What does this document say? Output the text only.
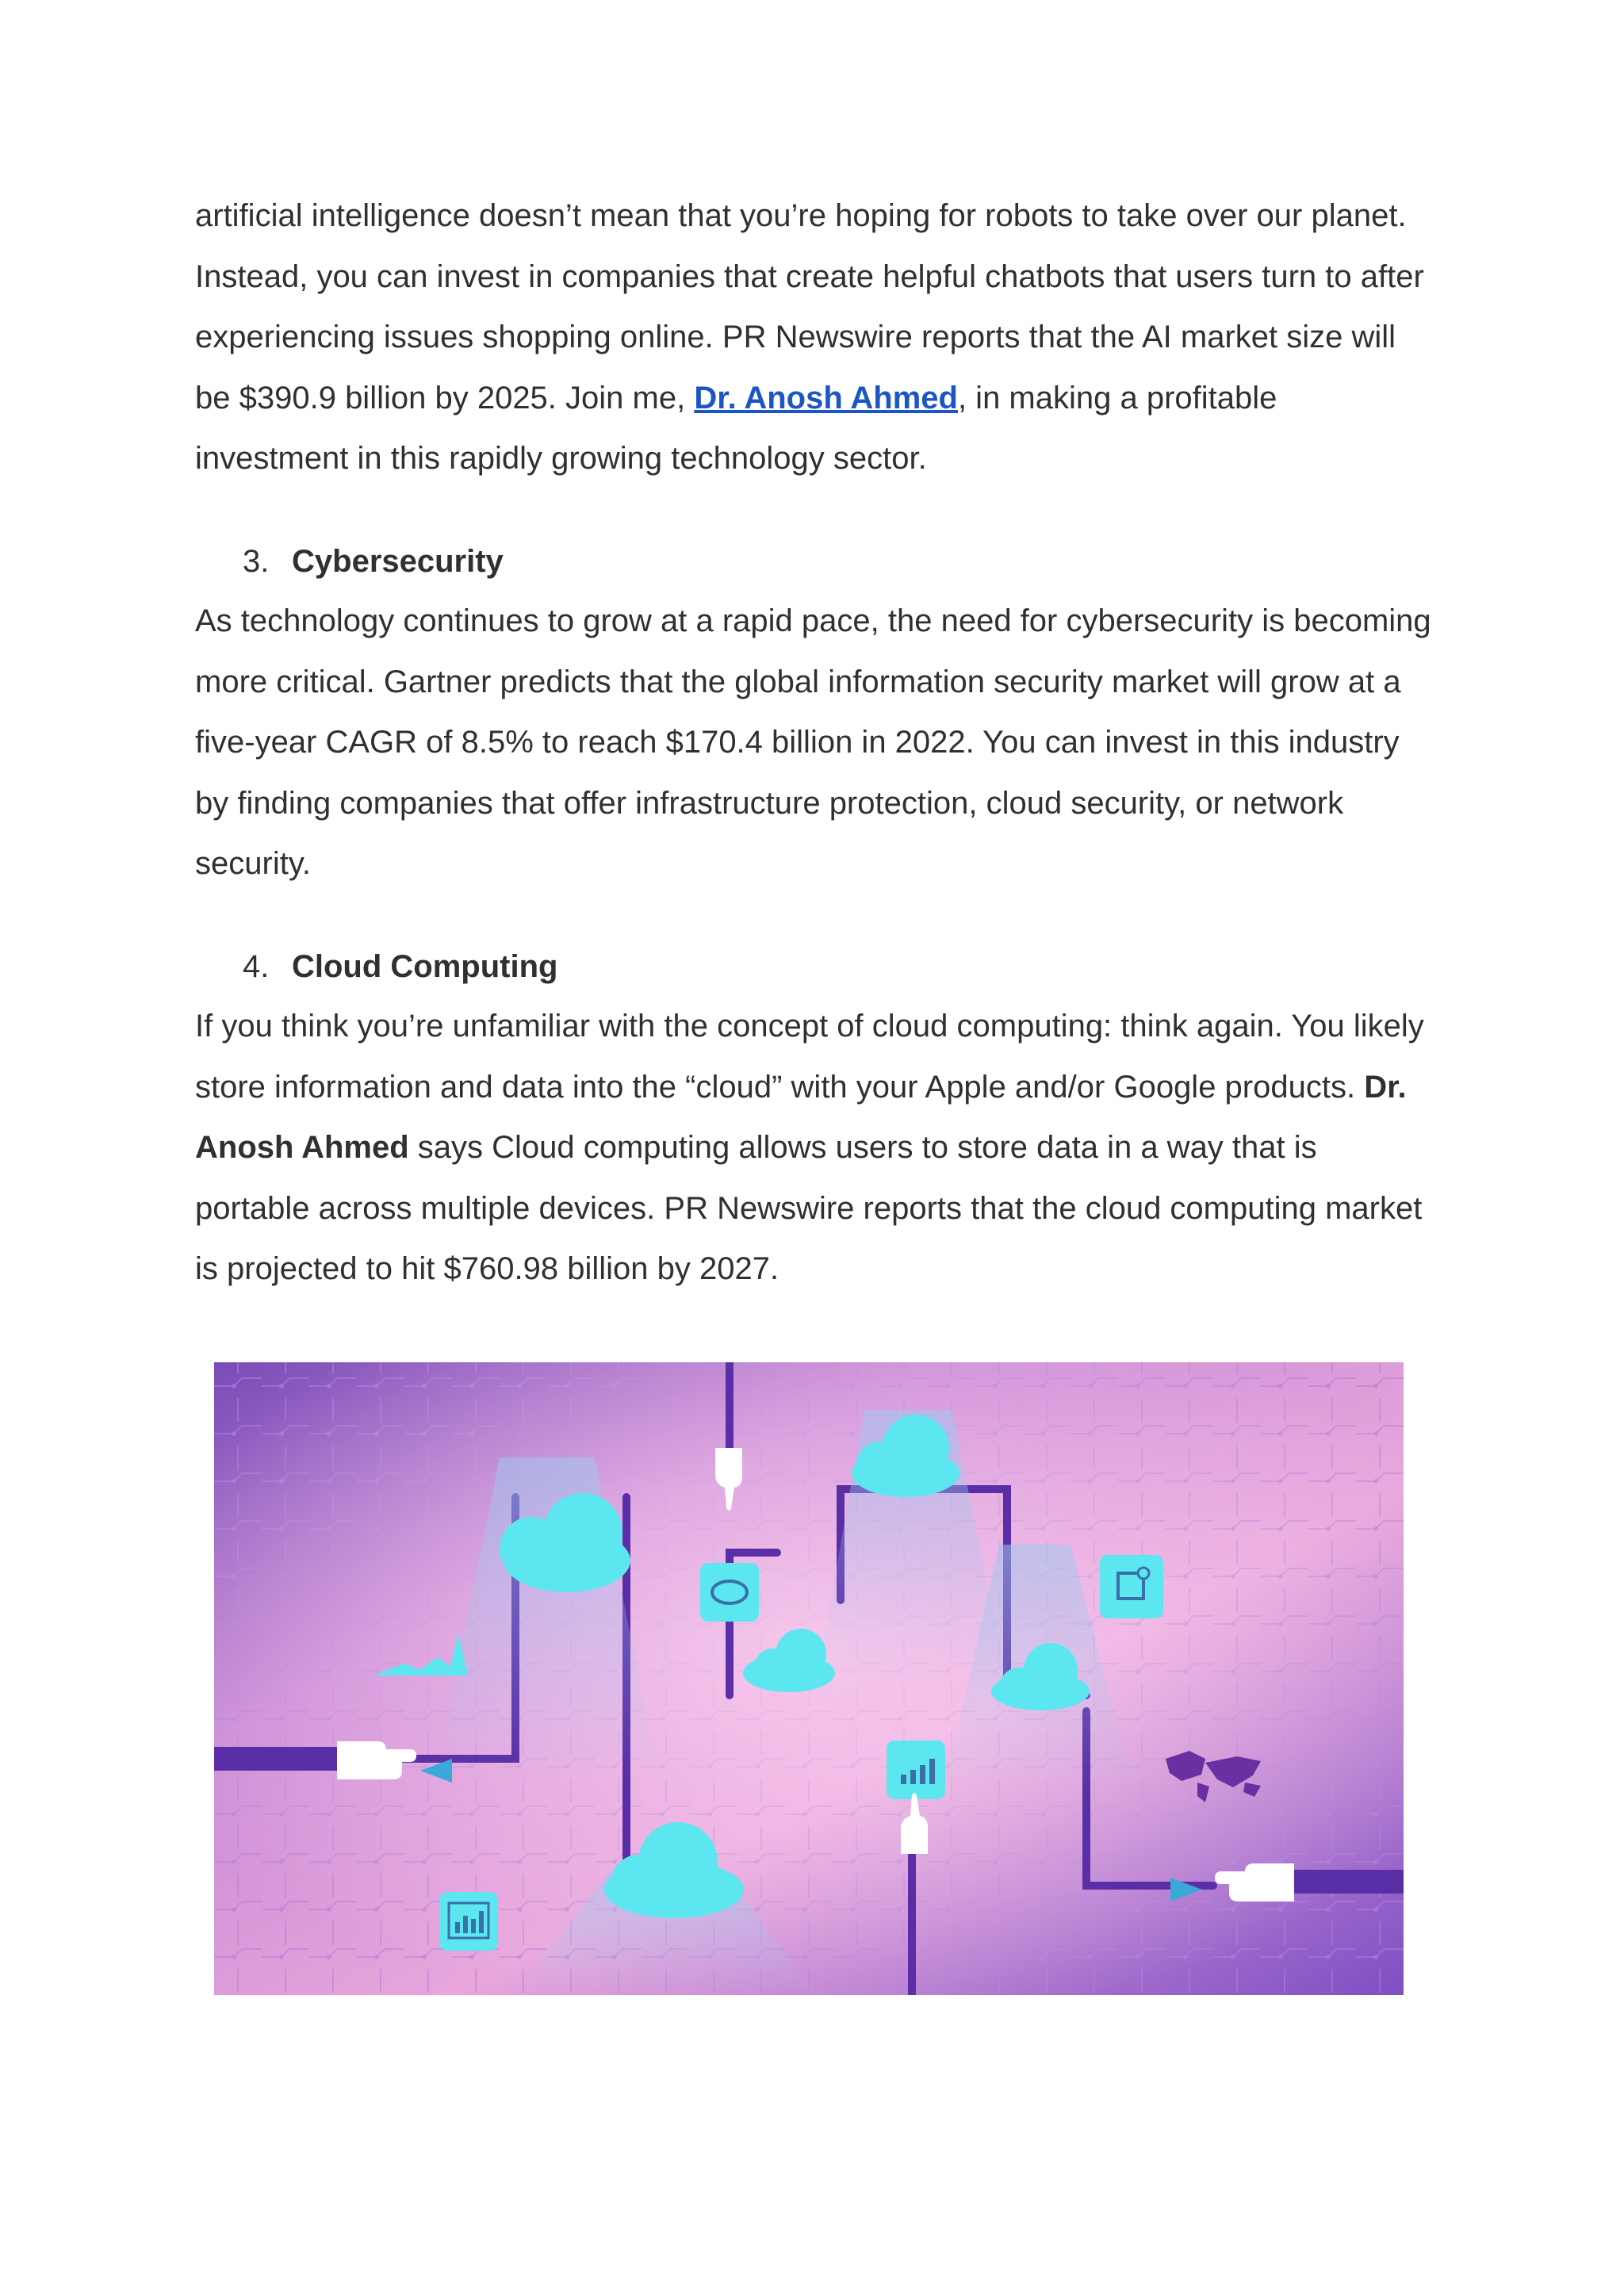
artificial intelligence doesn’t mean that you’re hoping for robots to take over our planet. Instead, you can invest in companies that create helpful chatbots that users turn to after experiencing issues shopping online. PR Newswire reports that the AI market size will be $390.9 billion by 2025. Join me, Dr. Anosh Ahmed, in making a profitable investment in this rapidly growing technology sector.

3. Cybersecurity

As technology continues to grow at a rapid pace, the need for cybersecurity is becoming more critical. Gartner predicts that the global information security market will grow at a five-year CAGR of 8.5% to reach $170.4 billion in 2022. You can invest in this industry by finding companies that offer infrastructure protection, cloud security, or network security.

4. Cloud Computing

If you think you’re unfamiliar with the concept of cloud computing: think again. You likely store information and data into the “cloud” with your Apple and/or Google products. Dr. Anosh Ahmed says Cloud computing allows users to store data in a way that is portable across multiple devices. PR Newswire reports that the cloud computing market is projected to hit $760.98 billion by 2027.
